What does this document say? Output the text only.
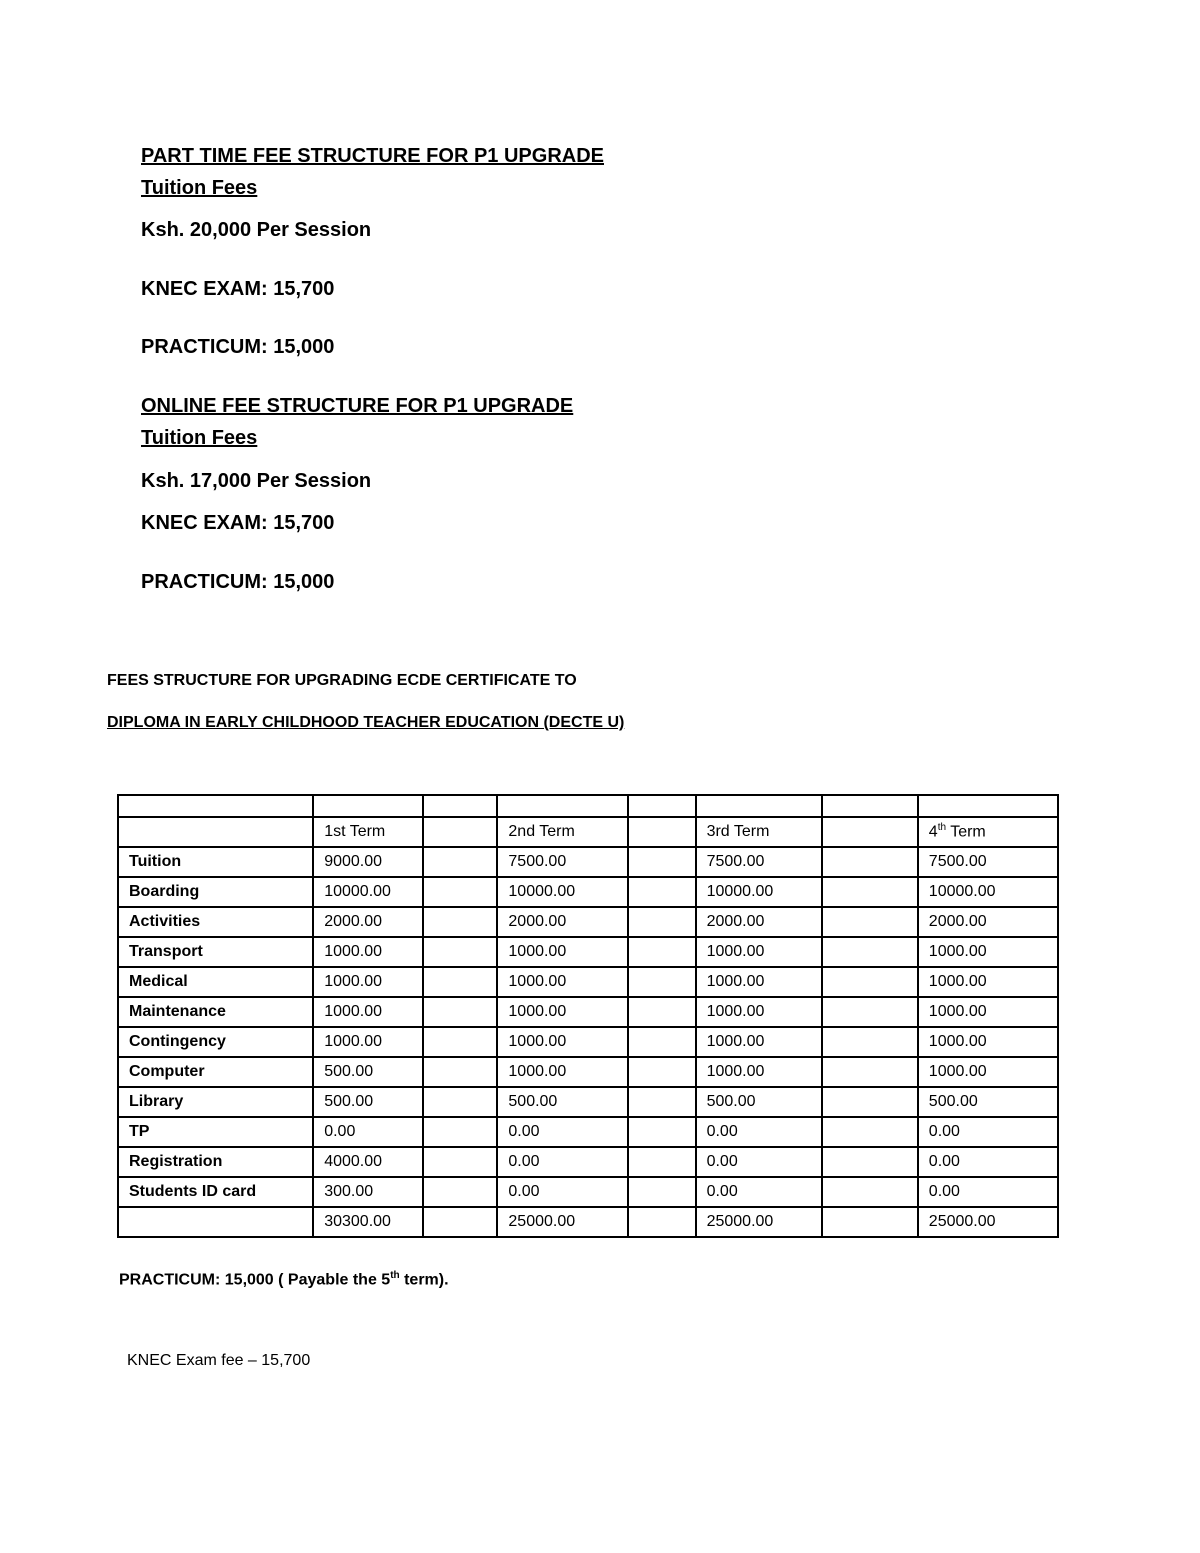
PART TIME FEE STRUCTURE FOR P1 UPGRADE
Tuition Fees
Ksh. 20,000 Per Session
KNEC EXAM: 15,700
PRACTICUM: 15,000
ONLINE FEE STRUCTURE FOR P1 UPGRADE
Tuition Fees
Ksh. 17,000 Per Session
KNEC EXAM: 15,700
PRACTICUM: 15,000
FEES STRUCTURE FOR UPGRADING ECDE CERTIFICATE TO
DIPLOMA IN EARLY CHILDHOOD TEACHER EDUCATION (DECTE U)

	1st Term		2nd Term		3rd Term		4th Term
Tuition	9000.00		7500.00		7500.00		7500.00
Boarding	10000.00		10000.00		10000.00		10000.00
Activities	2000.00		2000.00		2000.00		2000.00
Transport	1000.00		1000.00		1000.00		1000.00
Medical	1000.00		1000.00		1000.00		1000.00
Maintenance	1000.00		1000.00		1000.00		1000.00
Contingency	1000.00		1000.00		1000.00		1000.00
Computer	500.00		1000.00		1000.00		1000.00
Library	500.00		500.00		500.00		500.00
TP	0.00		0.00		0.00		0.00
Registration	4000.00		0.00		0.00		0.00
Students ID card	300.00		0.00		0.00		0.00
	30300.00		25000.00		25000.00		25000.00
PRACTICUM: 15,000 ( Payable the 5th term).
KNEC Exam fee – 15,700
